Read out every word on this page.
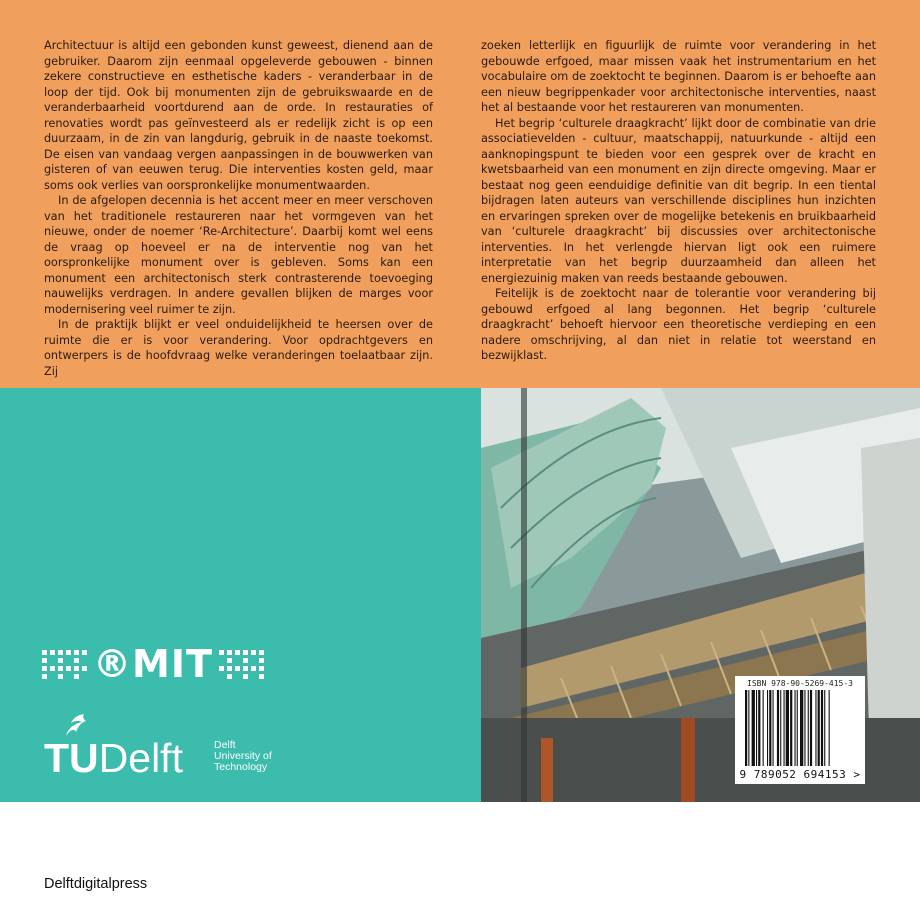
Architectuur is altijd een gebonden kunst geweest, dienend aan de gebruiker. Daarom zijn eenmaal opgeleverde gebouwen - binnen zekere constructieve en esthetische kaders - veranderbaar in de loop der tijd. Ook bij monumenten zijn de gebruikswaarde en de veranderbaarheid voortdurend aan de orde. In restauraties of renovaties wordt pas geïnvesteerd als er redelijk zicht is op een duurzaam, in de zin van langdurig, gebruik in de naaste toekomst. De eisen van vandaag vergen aanpassingen in de bouwwerken van gisteren of van eeuwen terug. Die interventies kosten geld, maar soms ook verlies van oorspronkelijke monumentwaarden.

In de afgelopen decennia is het accent meer en meer verschoven van het traditionele restaureren naar het vormgeven van het nieuwe, onder de noemer ‘Re-Architecture’. Daarbij komt wel eens de vraag op hoeveel er na de interventie nog van het oorspronkelijke monument over is gebleven. Soms kan een monument een architectonisch sterk contrasterende toevoeging nauwelijks verdragen. In andere gevallen blijken de marges voor modernisering veel ruimer te zijn.

In de praktijk blijkt er veel onduidelijkheid te heersen over de ruimte die er is voor verandering. Voor opdrachtgevers en ontwerpers is de hoofdvraag welke veranderingen toelaatbaar zijn. Zij

zoeken letterlijk en figuurlijk de ruimte voor verandering in het gebouwde erfgoed, maar missen vaak het instrumentarium en het vocabulaire om de zoektocht te beginnen. Daarom is er behoefte aan een nieuw begrippenkader voor architectonische interventies, naast het al bestaande voor het restaureren van monumenten.

Het begrip ‘culturele draagkracht’ lijkt door de combinatie van drie associatievelden - cultuur, maatschappij, natuurkunde - altijd een aanknopingspunt te bieden voor een gesprek over de kracht en kwetsbaarheid van een monument en zijn directe omgeving. Maar er bestaat nog geen eenduidige definitie van dit begrip. In een tiental bijdragen laten auteurs van verschillende disciplines hun inzichten en ervaringen spreken over de mogelijke betekenis en bruikbaarheid van ‘culturele draagkracht’ bij discussies over architectonische interventies. In het verlengde hiervan ligt ook een ruimere interpretatie van het begrip duurzaamheid dan alleen het energiezuinig maken van reeds bestaande gebouwen.

Feitelijk is de zoektocht naar de tolerantie voor verandering bij gebouwd erfgoed al lang begonnen. Het begrip ‘culturele draagkracht’ behoeft hiervoor een theoretische verdieping en een nadere omschrijving, al dan niet in relatie tot weerstand en bezwijklast.

®MIT
TUDelft	Delft
University of
Technology
ISBN 978-90-5269-415-3
9 789052 694153 >
Delftdigitalpress
